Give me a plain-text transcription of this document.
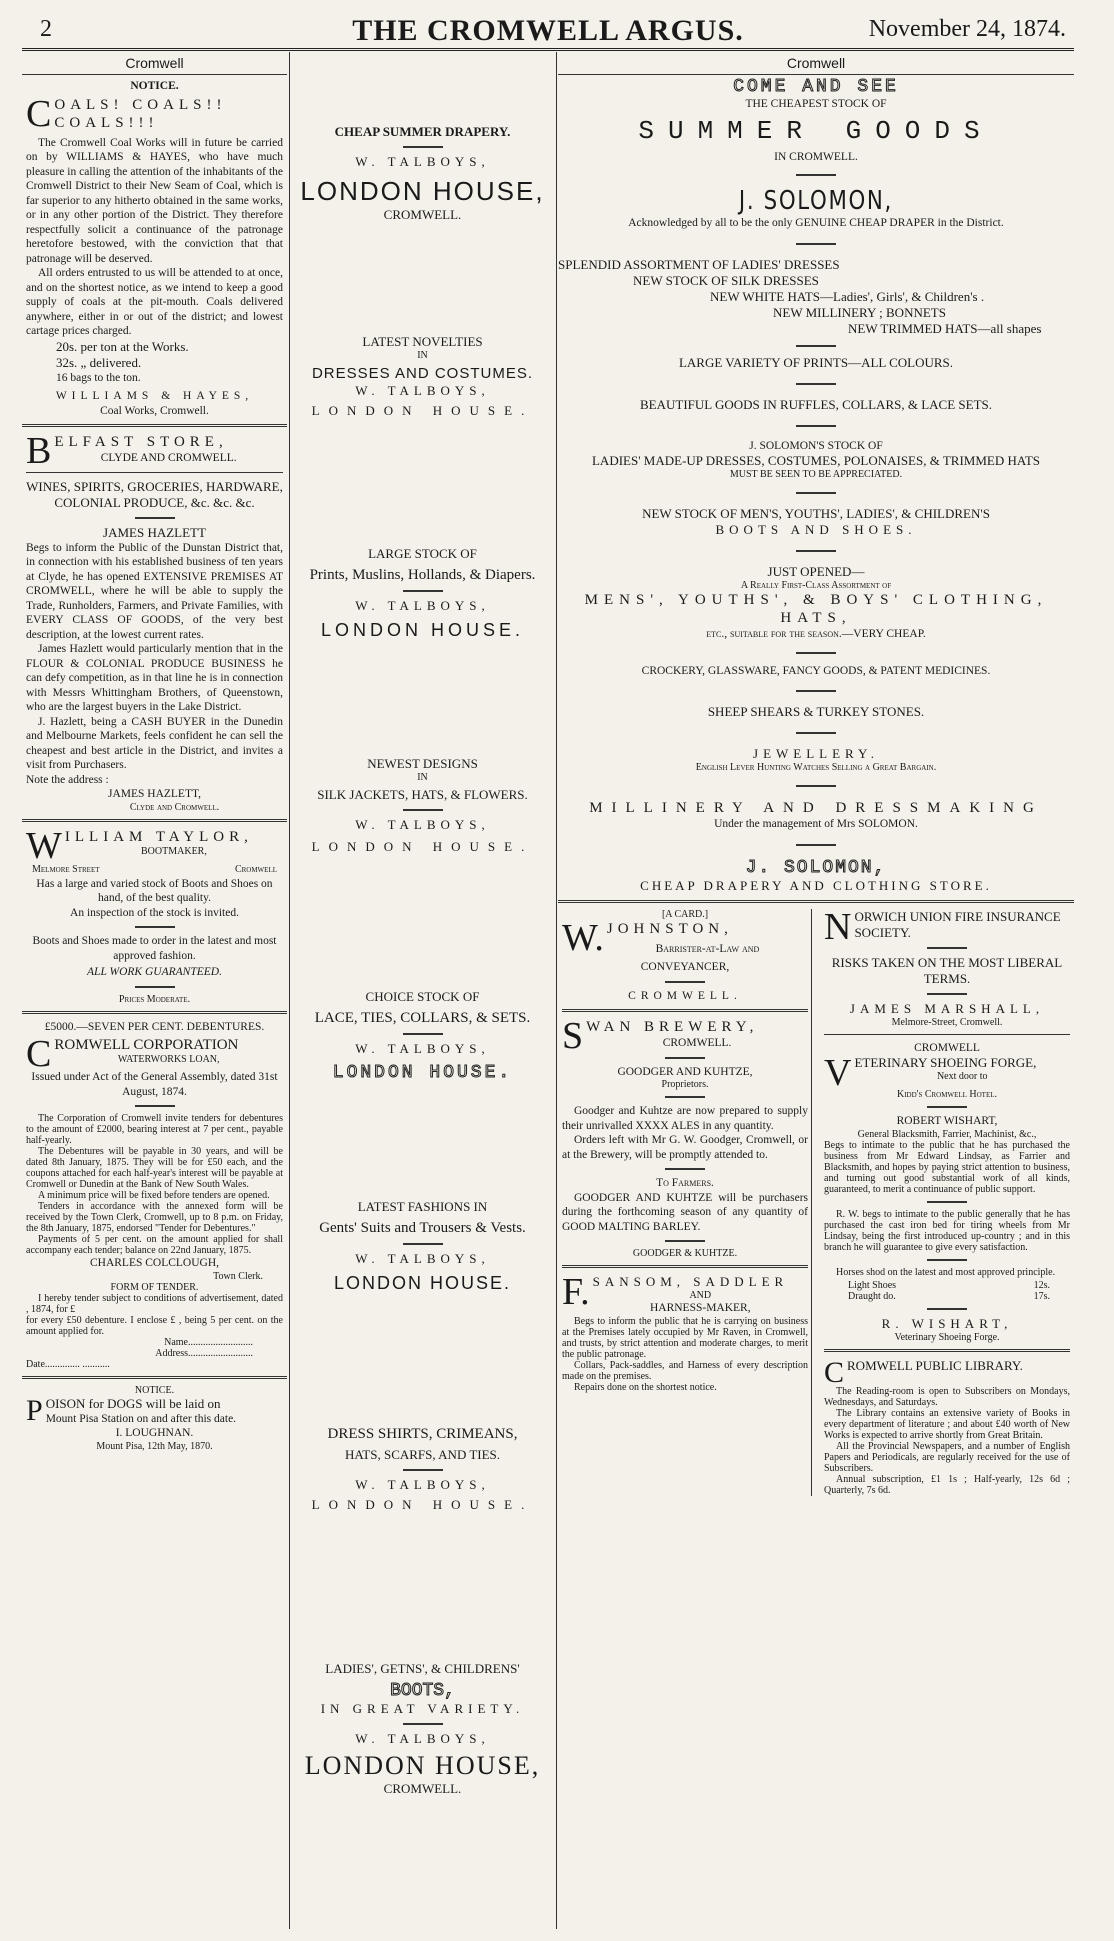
2	THE CROMWELL ARGUS.	November 24, 1874.
Cromwell
NOTICE.
C OALS! COALS!! COALS!!!

The Cromwell Coal Works will in future be carried on by WILLIAMS & HAYES, who have much pleasure in calling the attention of the inhabitants of the Cromwell District to their New Seam of Coal, which is far superior to any hitherto obtained in the same works, or in any other portion of the District. They therefore respectfully solicit a continuance of the patronage heretofore bestowed, with the conviction that that patronage will be deserved.

All orders entrusted to us will be attended to at once, and on the shortest notice, as we intend to keep a good supply of coals at the pit-mouth. Coals delivered anywhere, either in or out of the district; and lowest cartage prices charged.

20s. per ton at the Works.
32s. „ delivered.
16 bags to the ton.
WILLIAMS & HAYES,
Coal Works, Cromwell.
B ELFAST STORE,
CLYDE AND CROMWELL.
WINES, SPIRITS, GROCERIES, HARDWARE, COLONIAL PRODUCE, &c. &c. &c.
JAMES HAZLETT

Begs to inform the Public of the Dunstan District that, in connection with his established business of ten years at Clyde, he has opened EXTENSIVE PREMISES AT CROMWELL, where he will be able to supply the Trade, Runholders, Farmers, and Private Families, with EVERY CLASS OF GOODS, of the very best description, at the lowest current rates.

James Hazlett would particularly mention that in the FLOUR & COLONIAL PRODUCE BUSINESS he can defy competition, as in that line he is in connection with Messrs Whittingham Brothers, of Queenstown, who are the largest buyers in the Lake District.

J. Hazlett, being a CASH BUYER in the Dunedin and Melbourne Markets, feels confident he can sell the cheapest and best article in the District, and invites a visit from Purchasers.

Note the address :
JAMES HAZLETT,
Clyde and Cromwell.
W ILLIAM TAYLOR,
BOOTMAKER,
Melmore Street	Cromwell
Has a large and varied stock of Boots and Shoes on hand, of the best quality.
An inspection of the stock is invited.
Boots and Shoes made to order in the latest and most approved fashion.
ALL WORK GUARANTEED.
Prices Moderate.
£5000.—SEVEN PER CENT. DEBENTURES.
C ROMWELL CORPORATION
WATERWORKS LOAN,
Issued under Act of the General Assembly, dated 31st August, 1874.

The Corporation of Cromwell invite tenders for debentures to the amount of £2000, bearing interest at 7 per cent., payable half-yearly.

The Debentures will be payable in 30 years, and will be dated 8th January, 1875. They will be for £50 each, and the coupons attached for each half-year's interest will be payable at Cromwell or Dunedin at the Bank of New South Wales.

A minimum price will be fixed before tenders are opened.

Tenders in accordance with the annexed form will be received by the Town Clerk, Cromwell, up to 8 p.m. on Friday, the 8th January, 1875, endorsed "Tender for Debentures."

Payments of 5 per cent. on the amount applied for shall accompany each tender; balance on 22nd January, 1875.

CHARLES COLCLOUGH,
Town Clerk.
FORM OF TENDER.

I hereby tender subject to conditions of advertisement, dated , 1874, for £

for every £50 debenture. I enclose £ , being 5 per cent. on the amount applied for.

Name..........................
Address..........................
Date.............. ...........
NOTICE.
P OISON for DOGS will be laid on
Mount Pisa Station on and after this date.
I. LOUGHNAN.
Mount Pisa, 12th May, 1870.
CHEAP SUMMER DRAPERY.
W. TALBOYS,
LONDON HOUSE,
CROMWELL.
LATEST NOVELTIES
IN
DRESSES AND COSTUMES.
W. TALBOYS,
LONDON HOUSE.
LARGE STOCK OF
Prints, Muslins, Hollands, & Diapers.
W. TALBOYS,
LONDON HOUSE.
NEWEST DESIGNS
IN
SILK JACKETS, HATS, & FLOWERS.
W. TALBOYS,
LONDON HOUSE.
CHOICE STOCK OF
LACE, TIES, COLLARS, & SETS.
W. TALBOYS,
LONDON HOUSE.
LATEST FASHIONS IN
Gents' Suits and Trousers & Vests.
W. TALBOYS,
LONDON HOUSE.
DRESS SHIRTS, CRIMEANS,
HATS, SCARFS, AND TIES.
W. TALBOYS,
LONDON HOUSE.
LADIES', GETNS', & CHILDRENS'
BOOTS,
IN GREAT VARIETY.
W. TALBOYS,
LONDON HOUSE,
CROMWELL.
Cromwell
COME AND SEE
THE CHEAPEST STOCK OF
SUMMER GOODS
IN CROMWELL.
J. SOLOMON,
Acknowledged by all to be the only GENUINE CHEAP DRAPER in the District.
SPLENDID ASSORTMENT OF LADIES' DRESSES
NEW STOCK OF SILK DRESSES
NEW WHITE HATS—Ladies', Girls', & Children's .
NEW MILLINERY ; BONNETS
NEW TRIMMED HATS—all shapes
LARGE VARIETY OF PRINTS—ALL COLOURS.
BEAUTIFUL GOODS IN RUFFLES, COLLARS, & LACE SETS.
J. SOLOMON'S STOCK OF
LADIES' MADE-UP DRESSES, COSTUMES, POLONAISES, & TRIMMED HATS
MUST BE SEEN TO BE APPRECIATED.
NEW STOCK OF MEN'S, YOUTHS', LADIES', & CHILDREN'S
BOOTS AND SHOES.
JUST OPENED—
A Really First-Class Assortment of
MENS', YOUTHS', & BOYS' CLOTHING, HATS,
etc., suitable for the season.—VERY CHEAP.
CROCKERY, GLASSWARE, FANCY GOODS, & PATENT MEDICINES.
SHEEP SHEARS & TURKEY STONES.
JEWELLERY.
English Lever Hunting Watches Selling a Great Bargain.
MILLINERY AND DRESSMAKING
Under the management of Mrs SOLOMON.
J. SOLOMON,
CHEAP DRAPERY AND CLOTHING STORE.
[A CARD.]
W. JOHNSTON,
Barrister-at-Law and
CONVEYANCER,
CROMWELL.
S WAN BREWERY,
CROMWELL.
GOODGER AND KUHTZE,
Proprietors.

Goodger and Kuhtze are now prepared to supply their unrivalled XXXX ALES in any quantity.

Orders left with Mr G. W. Goodger, Cromwell, or at the Brewery, will be promptly attended to.

To Farmers.

GOODGER AND KUHTZE will be purchasers during the forthcoming season of any quantity of GOOD MALTING BARLEY.

GOODGER & KUHTZE.
F. SANSOM, SADDLER
AND
HARNESS-MAKER,

Begs to inform the public that he is carrying on business at the Premises lately occupied by Mr Raven, in Cromwell, and trusts, by strict attention and moderate charges, to merit the public patronage.

Collars, Pack-saddles, and Harness of every description made on the premises.

Repairs done on the shortest notice.

N ORWICH UNION FIRE INSURANCE SOCIETY.
RISKS TAKEN ON THE MOST LIBERAL TERMS.
JAMES MARSHALL,
Melmore-Street, Cromwell.
CROMWELL
V ETERINARY SHOEING FORGE,
Next door to
Kidd's Cromwell Hotel.
ROBERT WISHART,
General Blacksmith, Farrier, Machinist, &c.,

Begs to intimate to the public that he has purchased the business from Mr Edward Lindsay, as Farrier and Blacksmith, and hopes by paying strict attention to business, and turning out good substantial work of all kinds, guaranteed, to merit a continuance of public support.

R. W. begs to intimate to the public generally that he has purchased the cast iron bed for tiring wheels from Mr Lindsay, being the first introduced up-country ; and in this branch he will guarantee to give every satisfaction.

Horses shod on the latest and most approved principle.

Light Shoes	12s.
Draught do.	17s.
R. WISHART,
Veterinary Shoeing Forge.
C ROMWELL PUBLIC LIBRARY.

The Reading-room is open to Subscribers on Mondays, Wednesdays, and Saturdays.

The Library contains an extensive variety of Books in every department of literature ; and about £40 worth of New Works is expected to arrive shortly from Great Britain.

All the Provincial Newspapers, and a number of English Papers and Periodicals, are regularly received for the use of Subscribers.

Annual subscription, £1 1s ; Half-yearly, 12s 6d ; Quarterly, 7s 6d.
